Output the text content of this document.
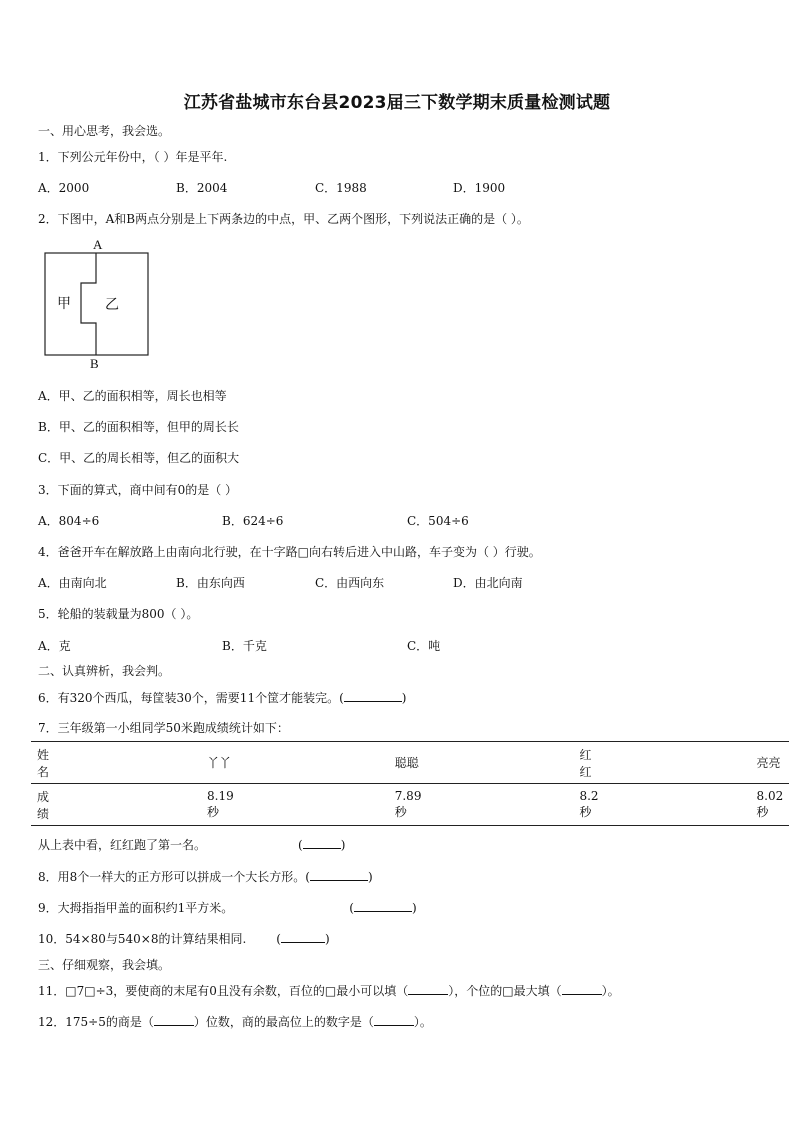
江苏省盐城市东台县2023届三下数学期末质量检测试题
一、用心思考，我会选。
1．下列公元年份中，（ ）年是平年.
A．2000	B．2004	C．1988	D．1900
2．下图中，A和B两点分别是上下两条边的中点，甲、乙两个图形，下列说法正确的是（ ）。
A
B
甲 乙
A．甲、乙的面积相等，周长也相等
B．甲、乙的面积相等，但甲的周长长
C．甲、乙的周长相等，但乙的面积大
3．下面的算式，商中间有0的是（ ）
A．804÷6	B．624÷6	C．504÷6
4．爸爸开车在解放路上由南向北行驶，在十字路□向右转后进入中山路，车子变为（ ）行驶。
A．由南向北	B．由东向西	C．由西向东	D．由北向南
5．轮船的装载量为800（ ）。
A．克	B．千克	C．吨
二、认真辨析，我会判。
6．有320个西瓜，每筐装30个，需要11个筐才能装完。(	)
7．三年级第一小组同学50米跑成绩统计如下：
姓名	丫丫	聪聪	红红	亮亮
成绩	8.19 秒	7.89 秒	8.2 秒	8.02 秒
从上表中看，红红跑了第一名。	(	)
8．用8个一样大的正方形可以拼成一个大长方形。(	)
9．大拇指指甲盖的面积约1平方米。	(	)
10．54×80与540×8的计算结果相同.	(	)
三、仔细观察，我会填。
11．□7□÷3，要使商的末尾有0且没有余数，百位的□最小可以填（	），个位的□最大填（	）。
12．175÷5的商是（	）位数，商的最高位上的数字是（	）。
